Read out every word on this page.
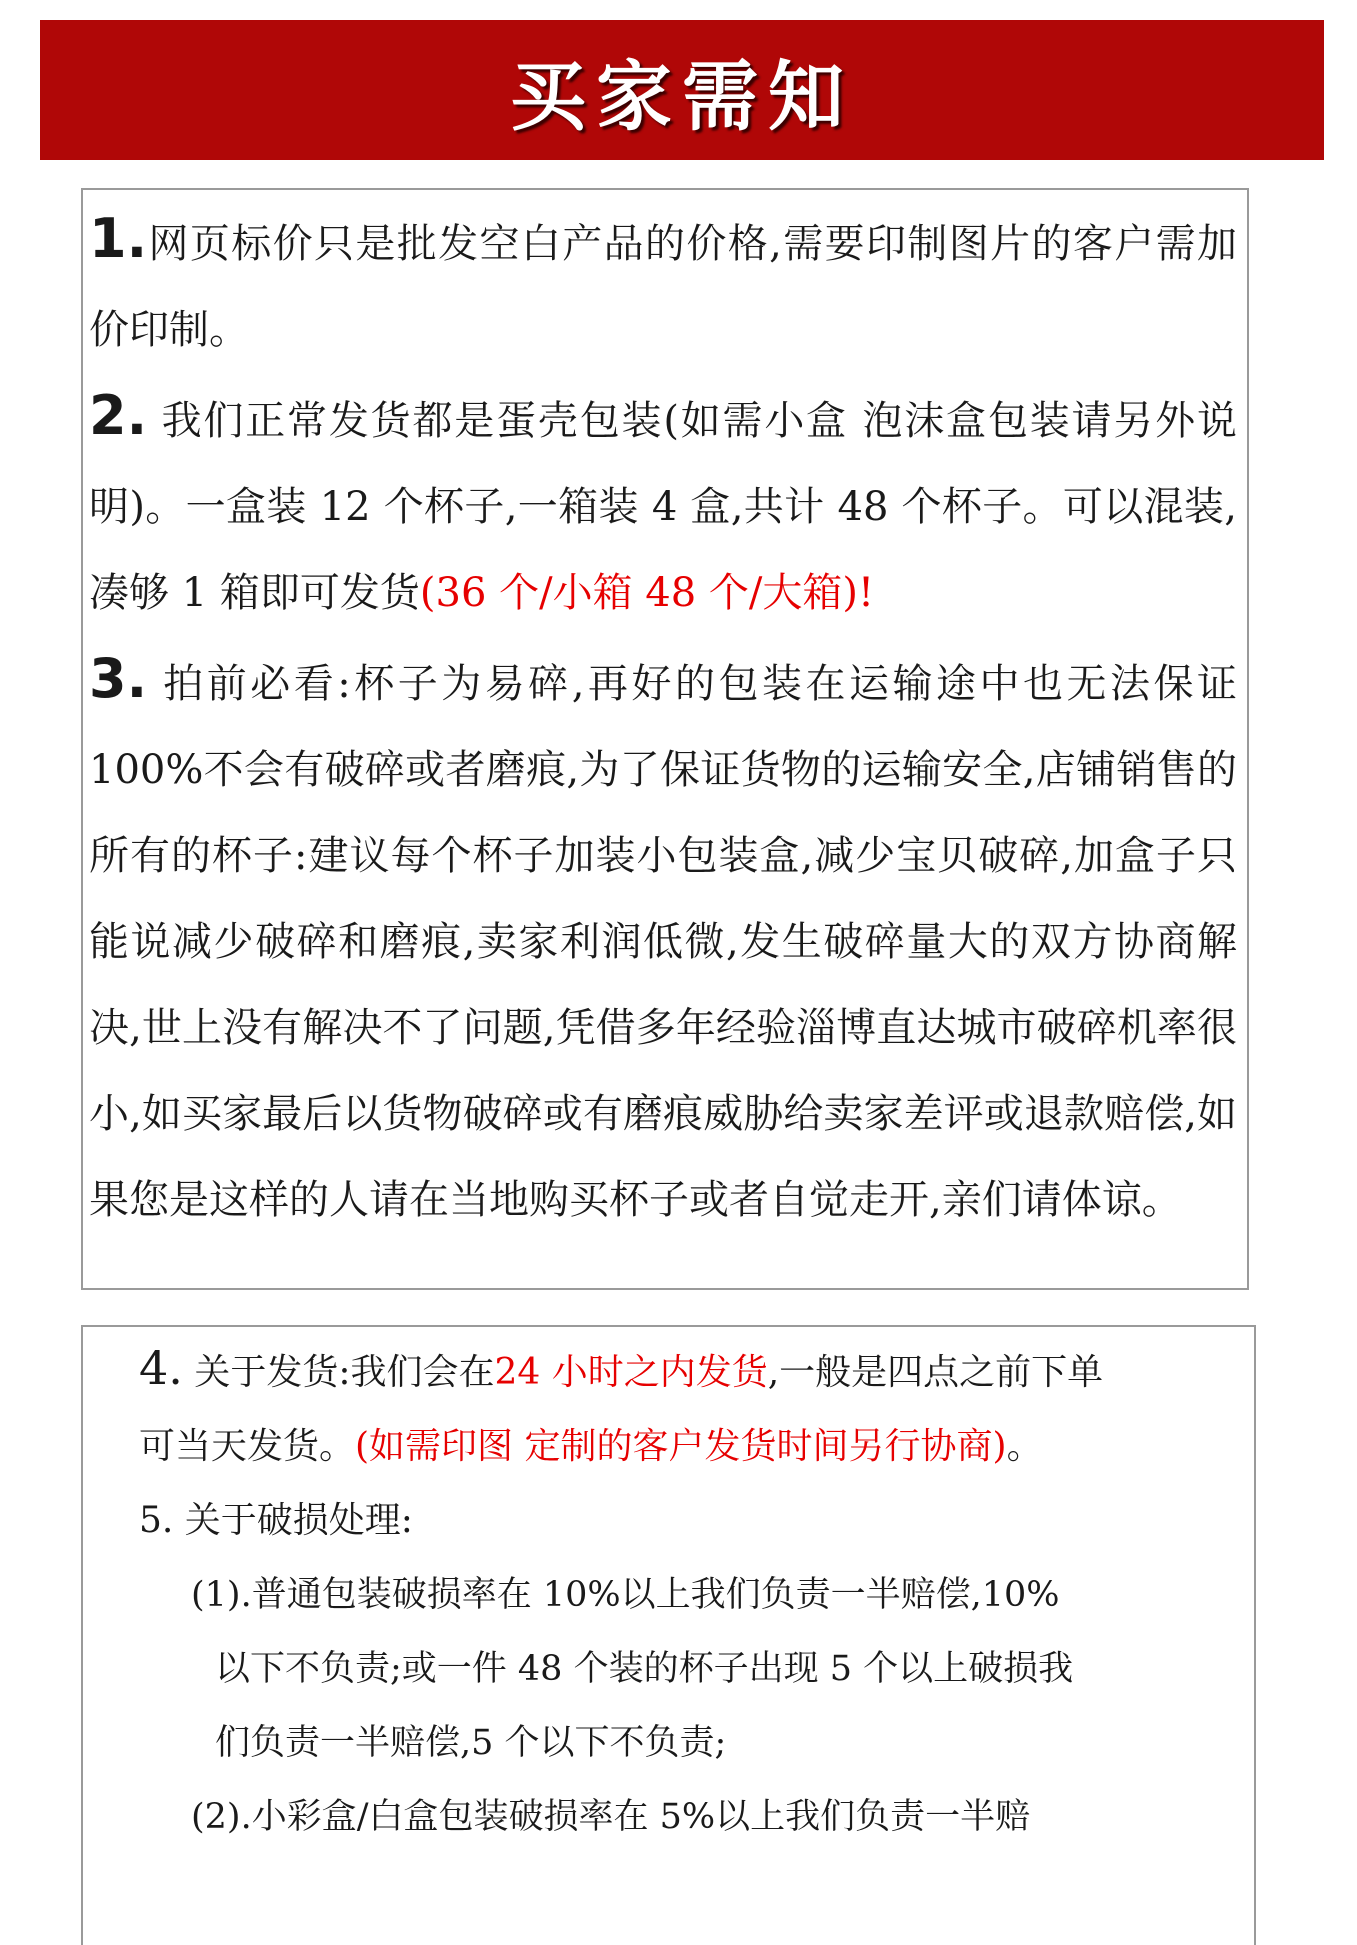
买家需知

1.网页标价只是批发空白产品的价格,需要印制图片的客户需加价印制。

2. 我们正常发货都是蛋壳包装(如需小盒 泡沫盒包装请另外说明)。一盒装 12 个杯子,一箱装 4 盒,共计 48 个杯子。可以混装,凑够 1 箱即可发货(36 个/小箱 48 个/大箱)!

3. 拍前必看:杯子为易碎,再好的包装在运输途中也无法保证 100%不会有破碎或者磨痕,为了保证货物的运输安全,店铺销售的所有的杯子:建议每个杯子加装小包装盒,减少宝贝破碎,加盒子只能说减少破碎和磨痕,卖家利润低微,发生破碎量大的双方协商解决,世上没有解决不了问题,凭借多年经验淄博直达城市破碎机率很小,如买家最后以货物破碎或有磨痕威胁给卖家差评或退款赔偿,如果您是这样的人请在当地购买杯子或者自觉走开,亲们请体谅。

4. 关于发货:我们会在24 小时之内发货,一般是四点之前下单可当天发货。(如需印图 定制的客户发货时间另行协商)。

5. 关于破损处理:

(1).普通包装破损率在 10%以上我们负责一半赔偿,10%
以下不负责;或一件 48 个装的杯子出现 5 个以上破损我们负责一半赔偿,5 个以下不负责;

(2).小彩盒/白盒包装破损率在 5%以上我们负责一半赔
